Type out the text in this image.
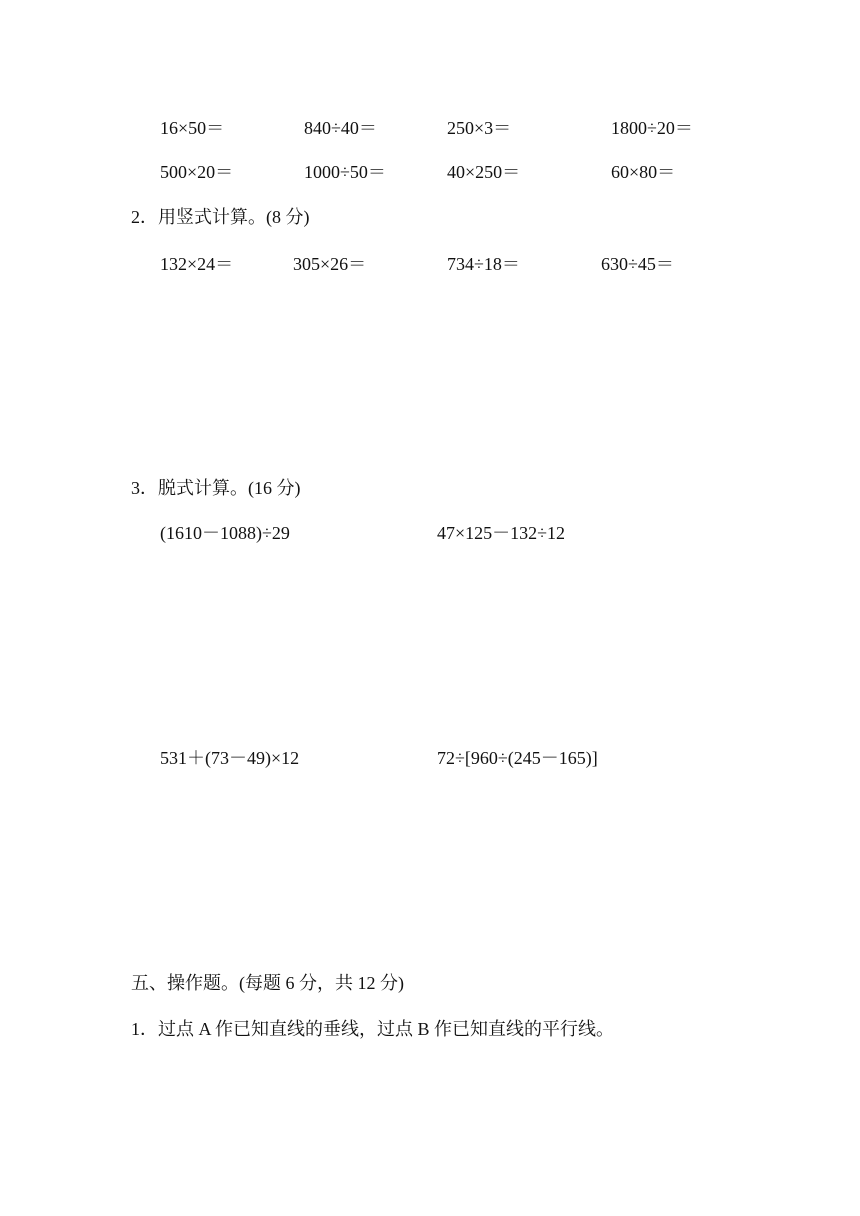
16×50＝	840÷40＝	250×3＝	1800÷20＝
500×20＝	1000÷50＝	40×250＝	60×80＝
2．用竖式计算。(8 分)
132×24＝	305×26＝	734÷18＝	630÷45＝
3．脱式计算。(16 分)
(1610－1088)÷29	47×125－132÷12
531＋(73－49)×12	72÷[960÷(245－165)]
五、操作题。(每题 6 分，共 12 分)
1．过点 A 作已知直线的垂线，过点 B 作已知直线的平行线。
